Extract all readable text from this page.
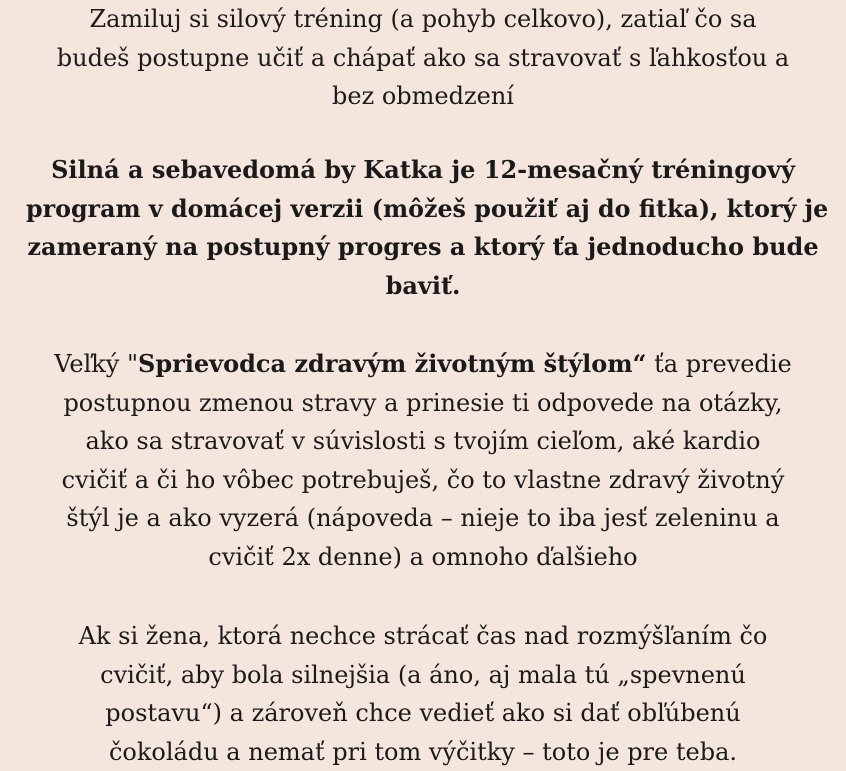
Zamiluj si silový tréning (a pohyb celkovo), zatiaľ čo sa
budeš postupne učiť a chápať ako sa stravovať s ľahkosťou a
bez obmedzení

Silná a sebavedomá by Katka je 12-mesačný tréningový
program v domácej verzii (môžeš použiť aj do fitka), ktorý je
zameraný na postupný progres a ktorý ťa jednoducho bude
baviť.

Veľký "Sprievodca zdravým životným štýlom“ ťa prevedie
postupnou zmenou stravy a prinesie ti odpovede na otázky,
ako sa stravovať v súvislosti s tvojím cieľom, aké kardio
cvičiť a či ho vôbec potrebuješ, čo to vlastne zdravý životný
štýl je a ako vyzerá (nápoveda – nieje to iba jesť zeleninu a
cvičiť 2x denne) a omnoho ďalšieho

Ak si žena, ktorá nechce strácať čas nad rozmýšľaním čo
cvičiť, aby bola silnejšia (a áno, aj mala tú „spevnenú
postavu“) a zároveň chce vedieť ako si dať obľúbenú
čokoládu a nemať pri tom výčitky – toto je pre teba.
